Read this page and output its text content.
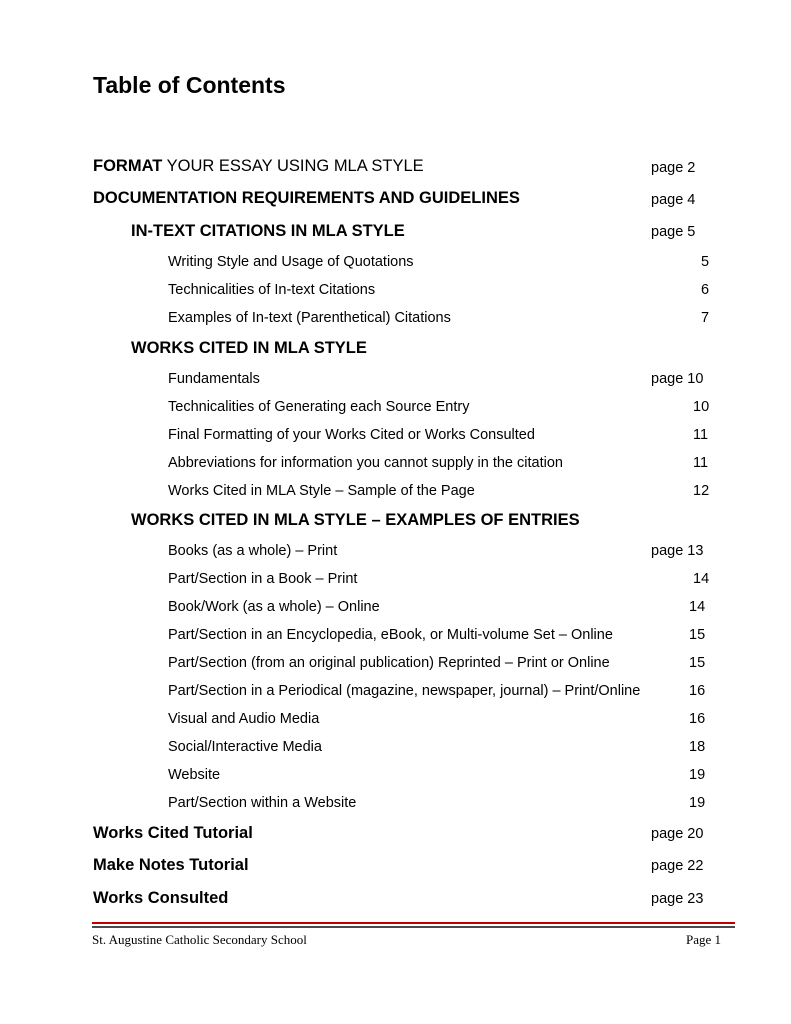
Table of Contents
FORMAT YOUR ESSAY USING MLA STYLE	page 2
DOCUMENTATION REQUIREMENTS AND GUIDELINES	page 4
IN-TEXT CITATIONS IN MLA STYLE	page 5
Writing Style and Usage of Quotations	5
Technicalities of In-text Citations	6
Examples of In-text (Parenthetical) Citations	7
WORKS CITED IN MLA STYLE
Fundamentals	page 10
Technicalities of Generating each Source Entry	10
Final Formatting of your Works Cited or Works Consulted	11
Abbreviations for information you cannot supply in the citation	11
Works Cited in MLA Style – Sample of the Page	12
WORKS CITED IN MLA STYLE – EXAMPLES OF ENTRIES
Books (as a whole) – Print	page 13
Part/Section in a Book – Print	14
Book/Work (as a whole) – Online	14
Part/Section in an Encyclopedia, eBook, or Multi-volume Set – Online	15
Part/Section (from an original publication) Reprinted – Print or Online	15
Part/Section in a Periodical (magazine, newspaper, journal) – Print/Online	16
Visual and Audio Media	16
Social/Interactive Media	18
Website	19
Part/Section within a Website	19
Works Cited Tutorial	page 20
Make Notes Tutorial	page 22
Works Consulted	page 23
St. Augustine Catholic Secondary School	Page 1
